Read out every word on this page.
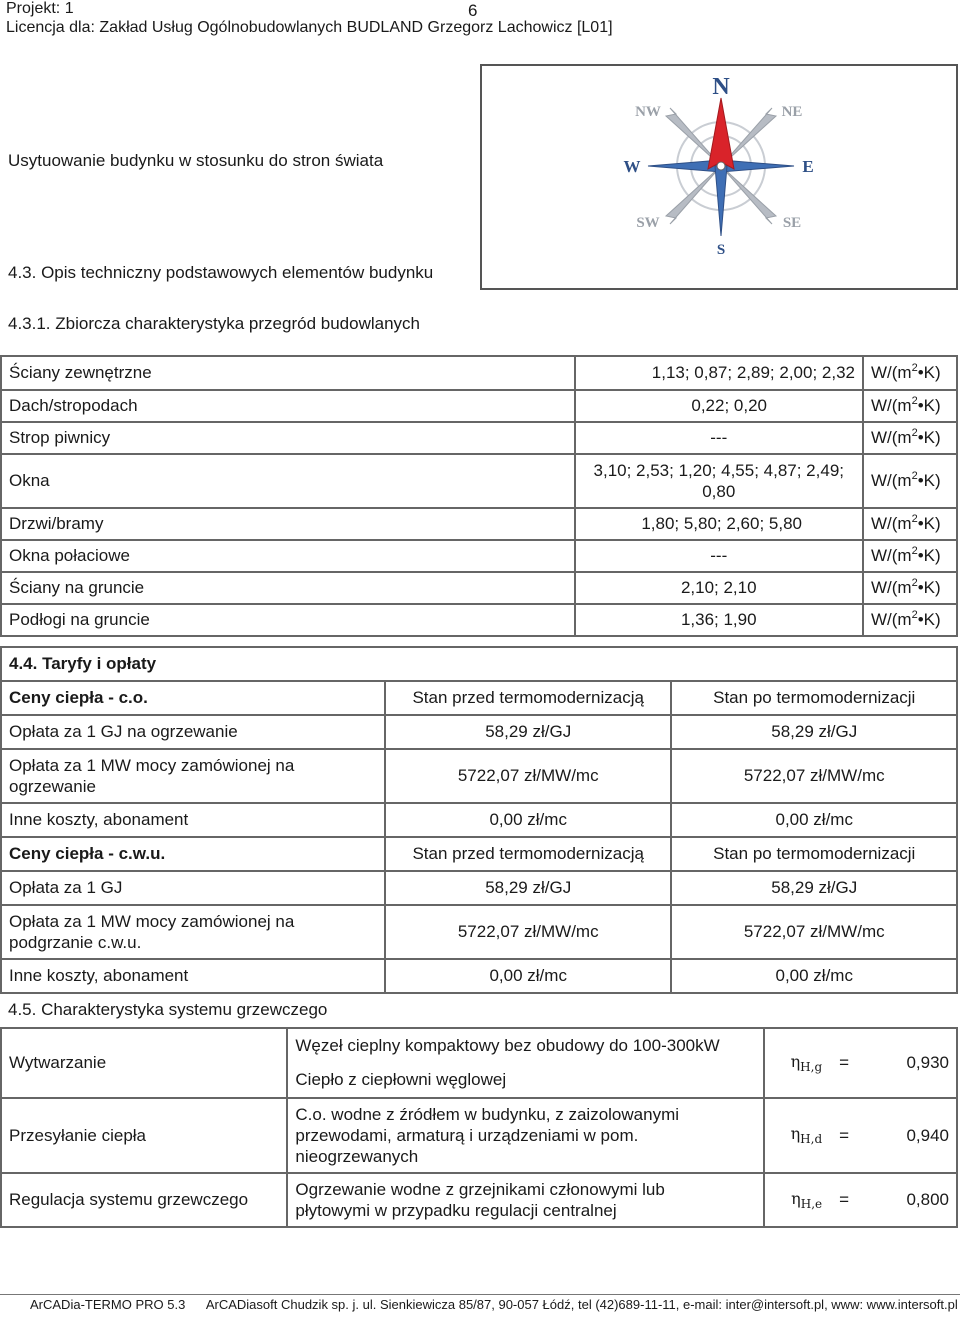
Projekt: 1	6
Licencja dla: Zakład Usług Ogólnobudowlanych BUDLAND Grzegorz Lachowicz [L01]
Usytuowanie budynku w stosunku do stron świata
N
NW	NE
W	E
SW	SE
S
4.3. Opis techniczny podstawowych elementów budynku
4.3.1. Zbiorcza charakterystyka przegród budowlanych
Ściany zewnętrzne	1,13; 0,87; 2,89; 2,00; 2,32	$W/(m^2•K)$
Dach/stropodach	0,22; 0,20	$W/(m^2•K)$
Strop piwnicy	---	$W/(m^2•K)$
Okna	3,10; 2,53; 1,20; 4,55; 4,87; 2,49;
0,80	$W/(m^2•K)$
Drzwi/bramy	1,80; 5,80; 2,60; 5,80	$W/(m^2•K)$
Okna połaciowe	---	$W/(m^2•K)$
Ściany na gruncie	2,10; 2,10	$W/(m^2•K)$
Podłogi na gruncie	1,36; 1,90	$W/(m^2•K)$
4.4. Taryfy i opłaty		
Ceny ciepła - c.o.	Stan przed termomodernizacją	Stan po termomodernizacji
Opłata za 1 GJ na ogrzewanie	58,29 zł/GJ	58,29 zł/GJ

Opłata za 1 MW mocy zamówionej na
ogrzewanie	5722,07 zł/MW/mc	5722,07 zł/MW/mc
Inne koszty, abonament	0,00 zł/mc	0,00 zł/mc
Ceny ciepła - c.w.u.	Stan przed termomodernizacją	Stan po termomodernizacji
Opłata za 1 GJ	58,29 zł/GJ	58,29 zł/GJ

Opłata za 1 MW mocy zamówionej na
podgrzanie c.w.u.	5722,07 zł/MW/mc	5722,07 zł/MW/mc
Inne koszty, abonament	0,00 zł/mc	0,00 zł/mc
4.5. Charakterystyka systemu grzewczego
Wytwarzanie	Węzeł cieplny kompaktowy bez obudowy do 100-300kW
Ciepło z ciepłowni węglowej	$\eta_{H,g}$	=	0,930
Przesyłanie ciepła	C.o. wodne z źródłem w budynku, z zaizolowanymi
przewodami, armaturą i urządzeniami w pom.
nieogrzewanych	$\eta_{H,d}$	=	0,940
Regulacja systemu grzewczego	Ogrzewanie wodne z grzejnikami członowymi lub
płytowymi w przypadku regulacji centralnej	$\eta_{H,e}$	=	0,800
ArCADia-TERMO PRO 5.3 ArCADiasoft Chudzik sp. j. ul. Sienkiewicza 85/87, 90-057 Łódź, tel (42)689-11-11, e-mail: inter@intersoft.pl, www: www.intersoft.pl
